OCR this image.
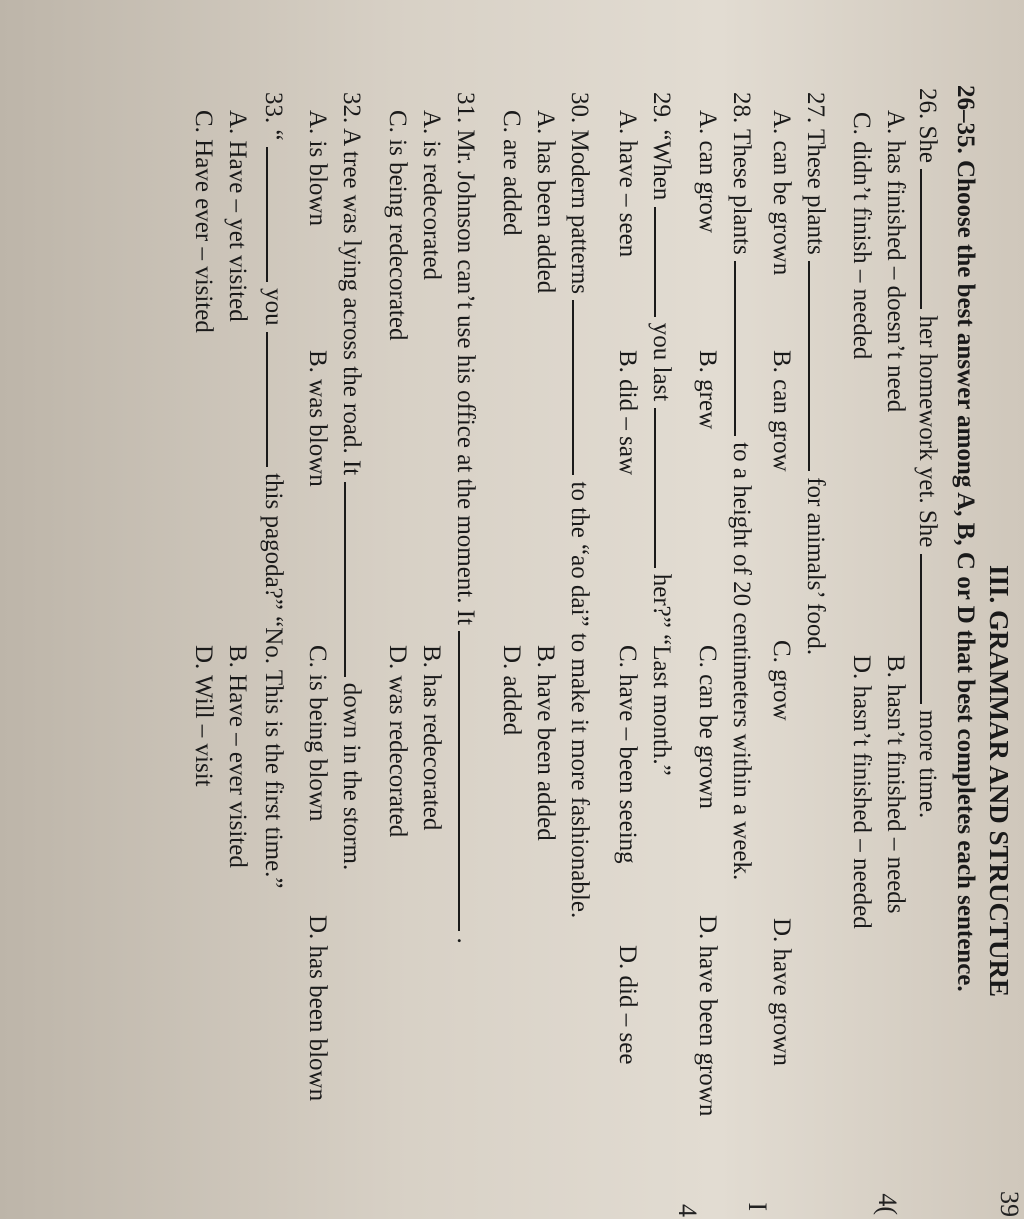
39
III. GRAMMAR AND STRUCTURE
26–35. Choose the best answer among A, B, C or D that best completes each sentence.
26. She  her homework yet. She  more time.
A. has finished – doesn’t need
B. hasn’t finished – needs
C. didn’t finish – needed
D. hasn’t finished – needed
27. These plants  for animals’ food.
A. can be grown
B. can grow
C. grow
D. have grown
28. These plants  to a height of 20 centimeters within a week.
A. can grow
B. grew
C. can be grown
D. have been grown
29. “When  you last  her?” “Last month.”
A. have – seen
B. did – saw
C. have – been seeing
D. did – see
30. Modern patterns  to the “ao dai” to make it more fashionable.
A. has been added
B. have been added
C. are added
D. added
31. Mr. Johnson can’t use his office at the moment. It  .
A. is redecorated
B. has redecorated
C. is being redecorated
D. was redecorated
32. A tree was lying across the road. It  down in the storm.
A. is blown
B. was blown
C. is being blown
D. has been blown
33. “  you  this pagoda?” “No. This is the first time.”
A. Have – yet visited
B. Have – ever visited
C. Have ever – visited
D. Will – visit
4(
I
4
